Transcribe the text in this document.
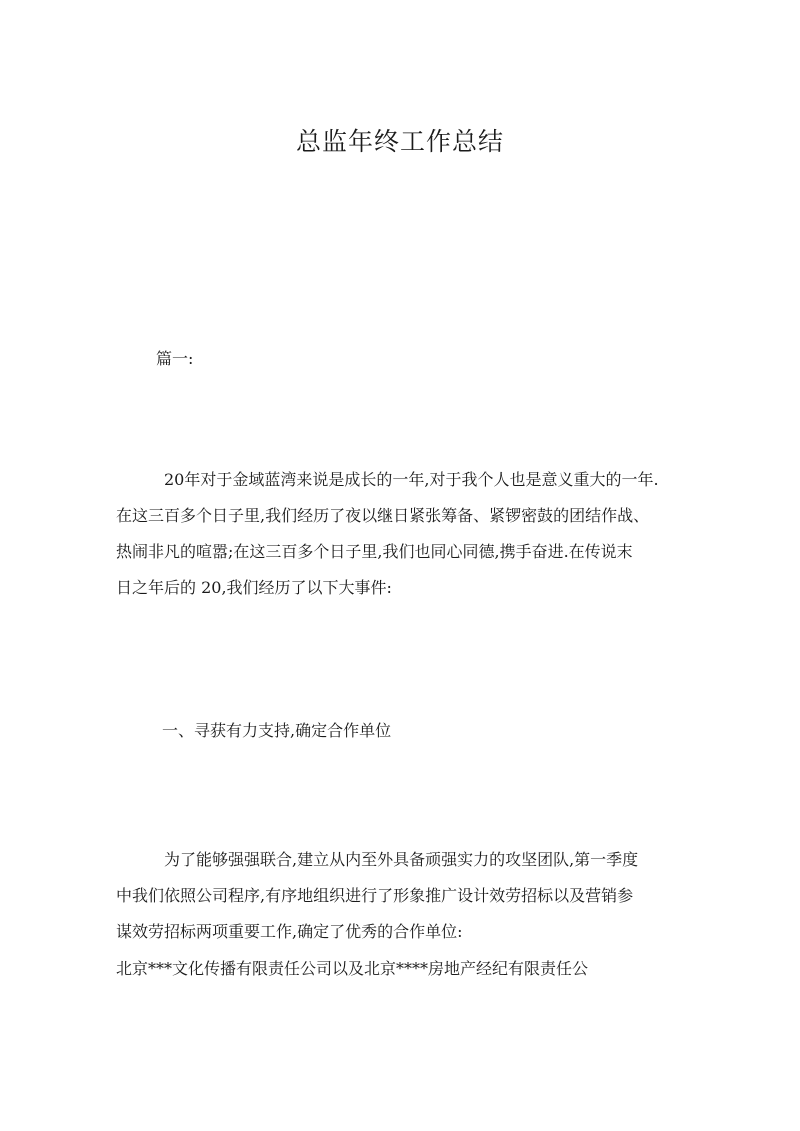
总监年终工作总结
篇一:
20年对于金域蓝湾来说是成长的一年,对于我个人也是意义重大的一年.
在这三百多个日子里,我们经历了夜以继日紧张筹备、紧锣密鼓的团结作战、
热闹非凡的喧嚣;在这三百多个日子里,我们也同心同德,携手奋进.在传说末
日之年后的 20,我们经历了以下大事件:
一、寻获有力支持,确定合作单位
为了能够强强联合,建立从内至外具备顽强实力的攻坚团队,第一季度
中我们依照公司程序,有序地组织进行了形象推广设计效劳招标以及营销参
谋效劳招标两项重要工作,确定了优秀的合作单位:
北京***文化传播有限责任公司以及北京****房地产经纪有限责任公
